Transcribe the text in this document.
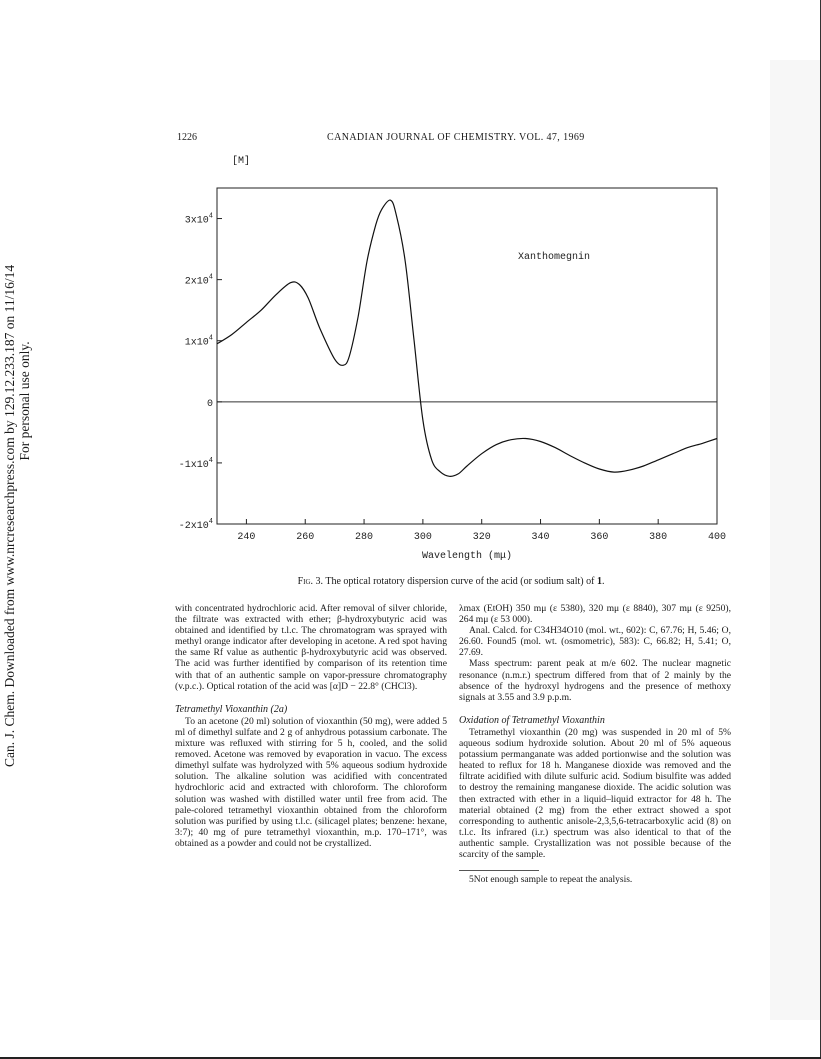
Can. J. Chem. Downloaded from www.nrcresearchpress.com by 129.12.233.187 on 11/16/14 For personal use only.
1226	CANADIAN JOURNAL OF CHEMISTRY. VOL. 47, 1969
$3x10^4$
$2x10^4$
$1x10^4$
0
$-1x10^4$
$-2x10^4$
240	260	280	300	320	340	360	380	400
[M]
Wavelength (mμ)
Xanthomegnin
Fig. 3. The optical rotatory dispersion curve of the acid (or sodium salt) of 1.

with concentrated hydrochloric acid. After removal of silver chloride, the filtrate was extracted with ether; β-hydroxybutyric acid was obtained and identified by t.l.c. The chromatogram was sprayed with methyl orange indicator after developing in acetone. A red spot having the same Rf value as authentic β-hydroxybutyric acid was observed. The acid was further identified by comparison of its retention time with that of an authentic sample on vapor-pressure chromatography (v.p.c.). Optical rotation of the acid was [α]D − 22.8° (CHCl3).

Tetramethyl Vioxanthin (2a)

To an acetone (20 ml) solution of vioxanthin (50 mg), were added 5 ml of dimethyl sulfate and 2 g of anhydrous potassium carbonate. The mixture was refluxed with stirring for 5 h, cooled, and the solid removed. Acetone was removed by evaporation in vacuo. The excess dimethyl sulfate was hydrolyzed with 5% aqueous sodium hydroxide solution. The alkaline solution was acidified with concentrated hydrochloric acid and extracted with chloroform. The chloroform solution was washed with distilled water until free from acid. The pale-colored tetramethyl vioxanthin obtained from the chloroform solution was purified by using t.l.c. (silicagel plates; benzene: hexane, 3:7); 40 mg of pure tetramethyl vioxanthin, m.p. 170–171°, was obtained as a powder and could not be crystallized.

λmax (EtOH) 350 mμ (ε 5380), 320 mμ (ε 8840), 307 mμ (ε 9250), 264 mμ (ε 53 000).

Anal. Calcd. for C34H34O10 (mol. wt., 602): C, 67.76; H, 5.46; O, 26.60. Found5 (mol. wt. (osmometric), 583): C, 66.82; H, 5.41; O, 27.69.

Mass spectrum: parent peak at m/e 602. The nuclear magnetic resonance (n.m.r.) spectrum differed from that of 2 mainly by the absence of the hydroxyl hydrogens and the presence of methoxy signals at 3.55 and 3.9 p.p.m.

Oxidation of Tetramethyl Vioxanthin

Tetramethyl vioxanthin (20 mg) was suspended in 20 ml of 5% aqueous sodium hydroxide solution. About 20 ml of 5% aqueous potassium permanganate was added portionwise and the solution was heated to reflux for 18 h. Manganese dioxide was removed and the filtrate acidified with dilute sulfuric acid. Sodium bisulfite was added to destroy the remaining manganese dioxide. The acidic solution was then extracted with ether in a liquid–liquid extractor for 48 h. The material obtained (2 mg) from the ether extract showed a spot corresponding to authentic anisole-2,3,5,6-tetracarboxylic acid (8) on t.l.c. Its infrared (i.r.) spectrum was also identical to that of the authentic sample. Crystallization was not possible because of the scarcity of the sample.

5Not enough sample to repeat the analysis.
